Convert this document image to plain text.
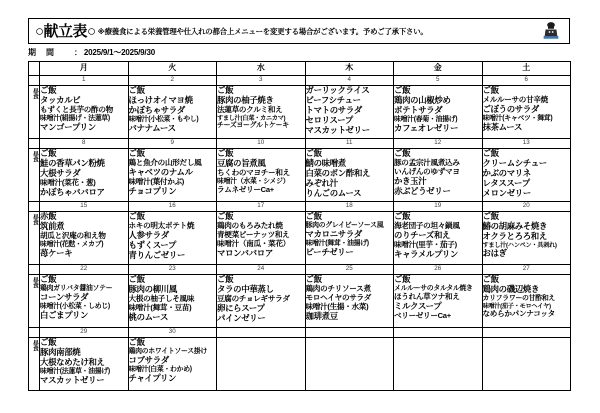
○献立表○ ※療養食による栄養管理や仕入れの都合上メニューを変更する場合がございます。予めご了承下さい。
期間	： 2025/9/1～2025/9/30
	月	火	水	木	金	土
	1	2	3	4	5	6
昼食	ご飯
タッカルビ
もずくと長芋の酢の物
味噌汁(絹揚げ・法蓮草)
マンゴープリン	ご飯
ほっけオイマヨ焼
かぼちゃサラダ
味噌汁(小松菜・もやし)
バナナムース	ご飯
豚肉の柚子焼き
法蓮草のクルミ和え
すまし汁(白菜・カニカマ)
チーズヨーグルトケーキ	ガーリックライス
ビーフシチュー
トマトのサラダ
セロリスープ
マスカットゼリー	ご飯
鶏肉の山椒炒め
ポテトサラダ
味噌汁(春菊・油揚げ)
カフェオレゼリー	ご飯
メルルーサの甘辛焼
ごぼうのサラダ
味噌汁(キャベツ・舞茸)
抹茶ムース

	8	9	10	11	12	13
昼食	ご飯
鮭の香草パン粉焼
大根サラダ
味噌汁(菜花・葱)
かぼちゃババロア	ご飯
鶏と魚介の山形だし風
キャベツのナムル
味噌汁(葉付かぶ)
チョコプリン	ご飯
豆腐の旨煮風
ちくわのマヨチー和え
味噌汁（水菜・シメジ）
ラムネゼリーCa+	ご飯
鯖の味噌煮
白菜のポン酢和え
みぞれ汁
りんごのムース	ご飯
豚の孟宗汁風煮込み
いんげんのゆずマヨ
かき玉汁
赤ぶどうゼリー	ご飯
クリームシチュー
かぶのマリネ
レタススープ
メロンゼリー

	15	16	17	18	19	20
昼食	赤飯
筑前煮
胡瓜と沢庵の和え物
味噌汁(花麩・メカブ)
苺ケーキ	ご飯
ホキの明太ポテト焼
人参サラダ
もずくスープ
青りんごゼリー	ご飯
鶏肉のもろみたれ焼
青梗菜ピーナッツ和え
味噌汁（南瓜・菜花）
マロンババロア	ご飯
豚肉のグレイビーソース風
マカロニサラダ
味噌汁(舞茸・油揚げ)
ピーチゼリー	ご飯
海老団子の坦々鍋風
のりチーズ和え
味噌汁(里芋・茄子)
キャラメルプリン	ご飯
鰆の胡麻みそ焼き
オクラとろろ和え
すまし汁(ハンペン・具剥れ)
おはぎ

	22	23	24	25	26	27
昼食	ご飯
鶏肉ガリバタ醤油ソテー
コーンサラダ
味噌汁(小松菜・しめじ)
白ごまプリン	ご飯
豚肉の柳川風
大根の柚子しそ風味
味噌汁(舞茸・豆苗)
桃のムース	ご飯
タラの中華蒸し
豆腐のチョレギサラダ
卵にらスープ
パインゼリー	ご飯
鶏肉のチリソース煮
モロヘイヤのサラダ
味噌汁(生揚・水菜)
珈琲煮豆	ご飯
メルルーサのタルタル焼き
ほうれん草ツナ和え
ミルクスープ
ベリーゼリーCa+	ご飯
鶏肉の磯辺焼き
カリフラワーの甘酢和え
味噌汁(茄子・モロヘイヤ)
なめらかパンナコッタ

	29	30				
昼食	ご飯
豚肉南部焼
大根なめたけ和え
味噌汁(法蓮草・油揚げ)
マスカットゼリー	ご飯
鶏肉のホワイトソース掛け
コブサラダ
味噌汁(白菜・わかめ)
チャイプリン				
